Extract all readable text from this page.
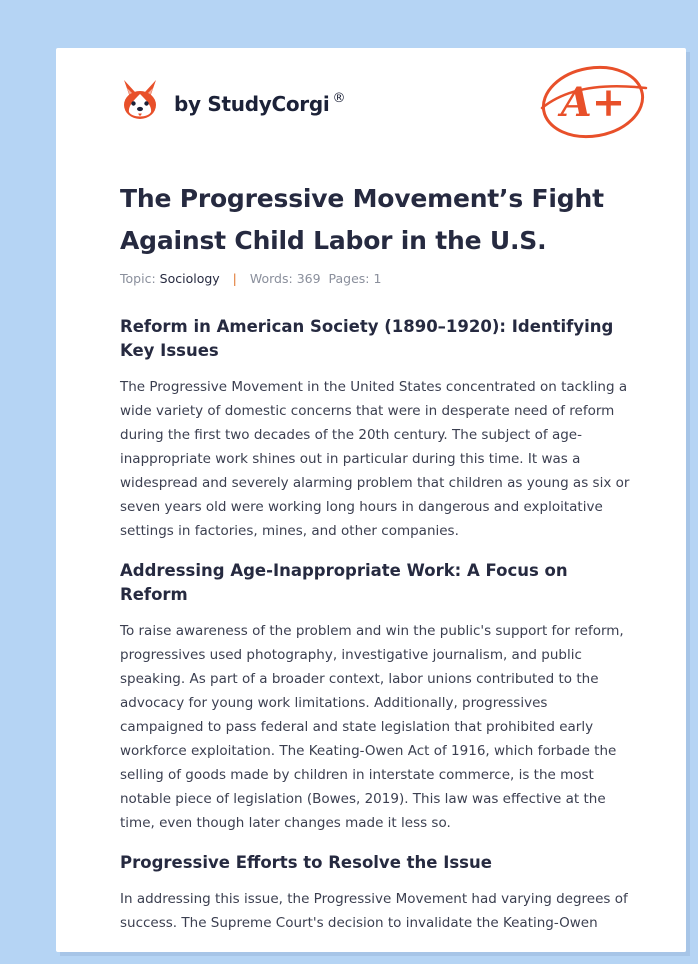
by StudyCorgi ®	A+
The Progressive Movement’s Fight Against Child Labor in the U.S.
Topic: Sociology | Words: 369 Pages: 1
Reform in American Society (1890–1920): Identifying Key Issues

The Progressive Movement in the United States concentrated on tackling a wide variety of domestic concerns that were in desperate need of reform during the first two decades of the 20th century. The subject of age-inappropriate work shines out in particular during this time. It was a widespread and severely alarming problem that children as young as six or seven years old were working long hours in dangerous and exploitative settings in factories, mines, and other companies.

Addressing Age-Inappropriate Work: A Focus on Reform

To raise awareness of the problem and win the public's support for reform, progressives used photography, investigative journalism, and public speaking. As part of a broader context, labor unions contributed to the advocacy for young work limitations. Additionally, progressives campaigned to pass federal and state legislation that prohibited early workforce exploitation. The Keating-Owen Act of 1916, which forbade the selling of goods made by children in interstate commerce, is the most notable piece of legislation (Bowes, 2019). This law was effective at the time, even though later changes made it less so.

Progressive Efforts to Resolve the Issue

In addressing this issue, the Progressive Movement had varying degrees of success. The Supreme Court's decision to invalidate the Keating-Owen
